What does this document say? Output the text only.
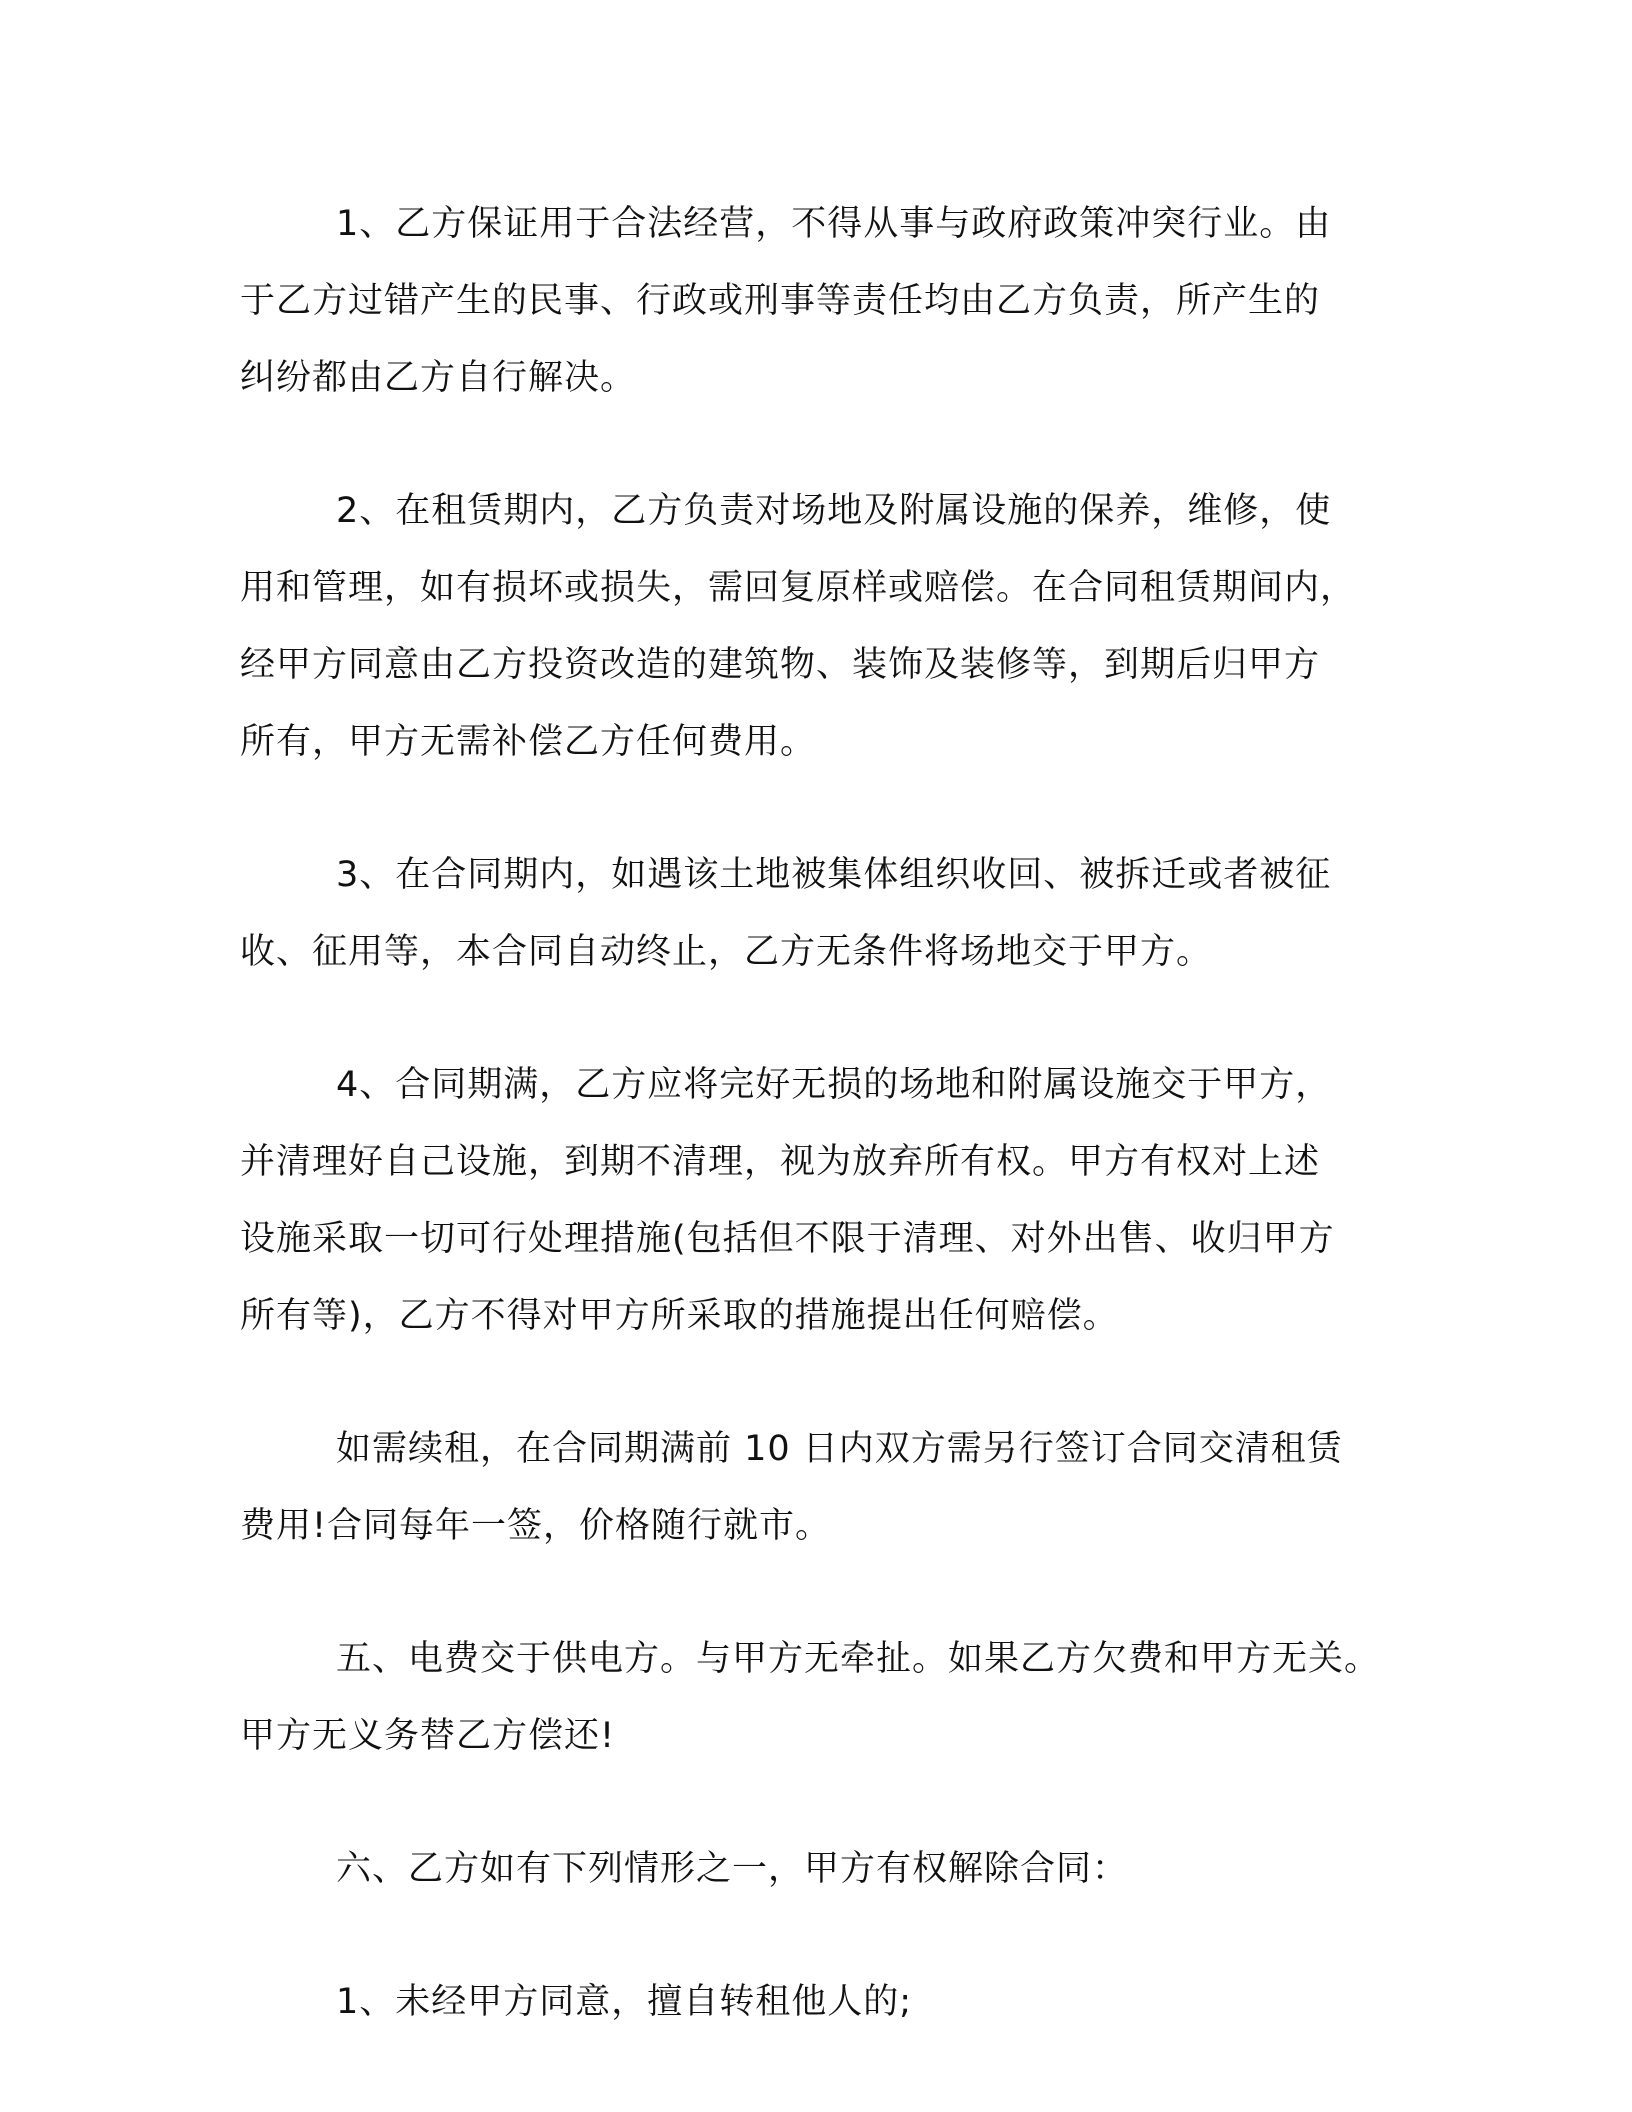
1、乙方保证用于合法经营，不得从事与政府政策冲突行业。由
于乙方过错产生的民事、行政或刑事等责任均由乙方负责，所产生的
纠纷都由乙方自行解决。

2、在租赁期内，乙方负责对场地及附属设施的保养，维修，使
用和管理，如有损坏或损失，需回复原样或赔偿。在合同租赁期间内，
经甲方同意由乙方投资改造的建筑物、装饰及装修等，到期后归甲方
所有，甲方无需补偿乙方任何费用。

3、在合同期内，如遇该土地被集体组织收回、被拆迁或者被征
收、征用等，本合同自动终止，乙方无条件将场地交于甲方。

4、合同期满，乙方应将完好无损的场地和附属设施交于甲方，
并清理好自己设施，到期不清理，视为放弃所有权。甲方有权对上述
设施采取一切可行处理措施(包括但不限于清理、对外出售、收归甲方
所有等)，乙方不得对甲方所采取的措施提出任何赔偿。

如需续租，在合同期满前 10 日内双方需另行签订合同交清租赁
费用!合同每年一签，价格随行就市。

五、电费交于供电方。与甲方无牵扯。如果乙方欠费和甲方无关。
甲方无义务替乙方偿还!

六、乙方如有下列情形之一，甲方有权解除合同：

1、未经甲方同意，擅自转租他人的;
